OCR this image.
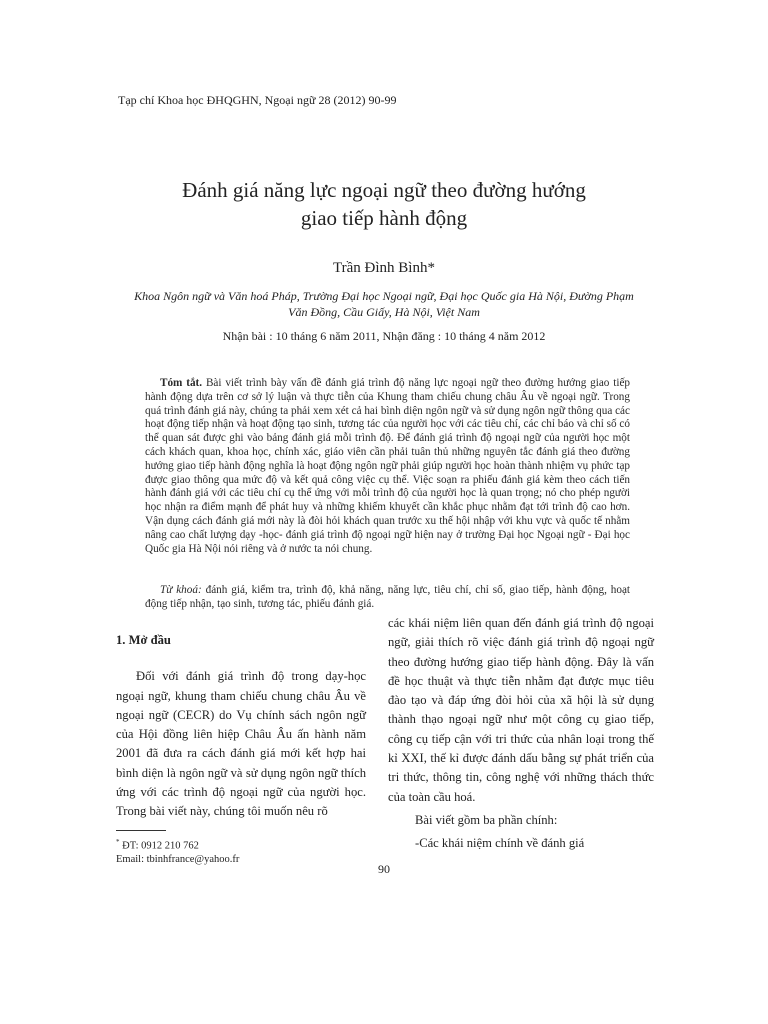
Tạp chí Khoa học ĐHQGHN, Ngoại ngữ 28 (2012) 90-99
Đánh giá năng lực ngoại ngữ theo đường hướng
giao tiếp hành động
Trần Đình Bình*
Khoa Ngôn ngữ và Văn hoá Pháp, Trường Đại học Ngoại ngữ, Đại học Quốc gia Hà Nội, Đường Phạm
Văn Đồng, Cầu Giấy, Hà Nội, Việt Nam
Nhận bài : 10 tháng 6 năm 2011, Nhận đăng : 10 tháng 4 năm 2012
Tóm tắt. Bài viết trình bày vấn đề đánh giá trình độ năng lực ngoại ngữ theo đường hướng giao tiếp hành động dựa trên cơ sở lý luận và thực tiễn của Khung tham chiếu chung châu Âu về ngoại ngữ. Trong quá trình đánh giá này, chúng ta phải xem xét cả hai bình diện ngôn ngữ và sử dụng ngôn ngữ thông qua các hoạt động tiếp nhận và hoạt động tạo sinh, tương tác của người học với các tiêu chí, các chỉ báo và chỉ số có thể quan sát được ghi vào bảng đánh giá mỗi trình độ. Để đánh giá trình độ ngoại ngữ của người học một cách khách quan, khoa học, chính xác, giáo viên cần phải tuân thủ những nguyên tắc đánh giá theo đường hướng giao tiếp hành động nghĩa là hoạt động ngôn ngữ phải giúp người học hoàn thành nhiệm vụ phức tạp được giao thông qua mức độ và kết quả công việc cụ thể. Việc soạn ra phiếu đánh giá kèm theo cách tiến hành đánh giá với các tiêu chí cụ thể ứng với mỗi trình độ của người học là quan trọng; nó cho phép người học nhận ra điểm mạnh để phát huy và những khiếm khuyết cần khắc phục nhằm đạt tới trình độ cao hơn. Vận dụng cách đánh giá mới này là đòi hỏi khách quan trước xu thế hội nhập với khu vực và quốc tế nhằm nâng cao chất lượng dạy -học- đánh giá trình độ ngoại ngữ hiện nay ở trường Đại học Ngoại ngữ - Đại học Quốc gia Hà Nội nói riêng và ở nước ta nói chung.
Từ khoá: đánh giá, kiểm tra, trình độ, khả năng, năng lực, tiêu chí, chỉ số, giao tiếp, hành động, hoạt động tiếp nhận, tạo sinh, tương tác, phiếu đánh giá.
1. Mở đầu

Đối với đánh giá trình độ trong dạy-học ngoại ngữ, khung tham chiếu chung châu Âu về ngoại ngữ (CECR) do Vụ chính sách ngôn ngữ của Hội đồng liên hiệp Châu Âu ấn hành năm 2001 đã đưa ra cách đánh giá mới kết hợp hai bình diện là ngôn ngữ và sử dụng ngôn ngữ thích ứng với các trình độ ngoại ngữ của người học. Trong bài viết này, chúng tôi muốn nêu rõ

các khái niệm liên quan đến đánh giá trình độ ngoại ngữ, giải thích rõ việc đánh giá trình độ ngoại ngữ theo đường hướng giao tiếp hành động. Đây là vấn đề học thuật và thực tiễn nhằm đạt được mục tiêu đào tạo và đáp ứng đòi hỏi của xã hội là sử dụng thành thạo ngoại ngữ như một công cụ giao tiếp, công cụ tiếp cận với tri thức của nhân loại trong thế kỉ XXI, thế kỉ được đánh dấu bằng sự phát triển của tri thức, thông tin, công nghệ với những thách thức của toàn cầu hoá.

Bài viết gồm ba phần chính:

-Các khái niệm chính về đánh giá

* ĐT: 0912 210 762
Email: tbinhfrance@yahoo.fr
90
